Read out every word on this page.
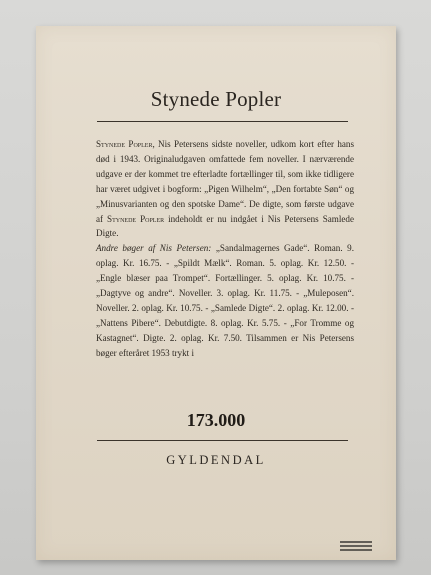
Stynede Popler

Stynede Popler, Nis Petersens sidste noveller, udkom kort efter hans død i 1943. Originaludgaven omfattede fem noveller. I nærværende udgave er der kommet tre efterladte fortællinger til, som ikke tidligere har været udgivet i bogform: „Pigen Wilhelm“, „Den fortabte Søn“ og „Minusvarianten og den spotske Dame“. De digte, som første udgave af Stynede Popler indeholdt er nu indgået i Nis Petersens Samlede Digte.

Andre bøger af Nis Petersen: „Sandalmagernes Gade“. Roman. 9. oplag. Kr. 16.75. - „Spildt Mælk“. Roman. 5. oplag. Kr. 12.50. - „Engle blæser paa Trompet“. Fortællinger. 5. oplag. Kr. 10.75. - „Dagtyve og andre“. Noveller. 3. oplag. Kr. 11.75. - „Muleposen“. Noveller. 2. oplag. Kr. 10.75. - „Samlede Digte“. 2. oplag. Kr. 12.00. - „Nattens Pibere“. Debutdigte. 8. oplag. Kr. 5.75. - „For Tromme og Kastagnet“. Digte. 2. oplag. Kr. 7.50. Tilsammen er Nis Petersens bøger efteråret 1953 trykt i

173.000
GYLDENDAL
